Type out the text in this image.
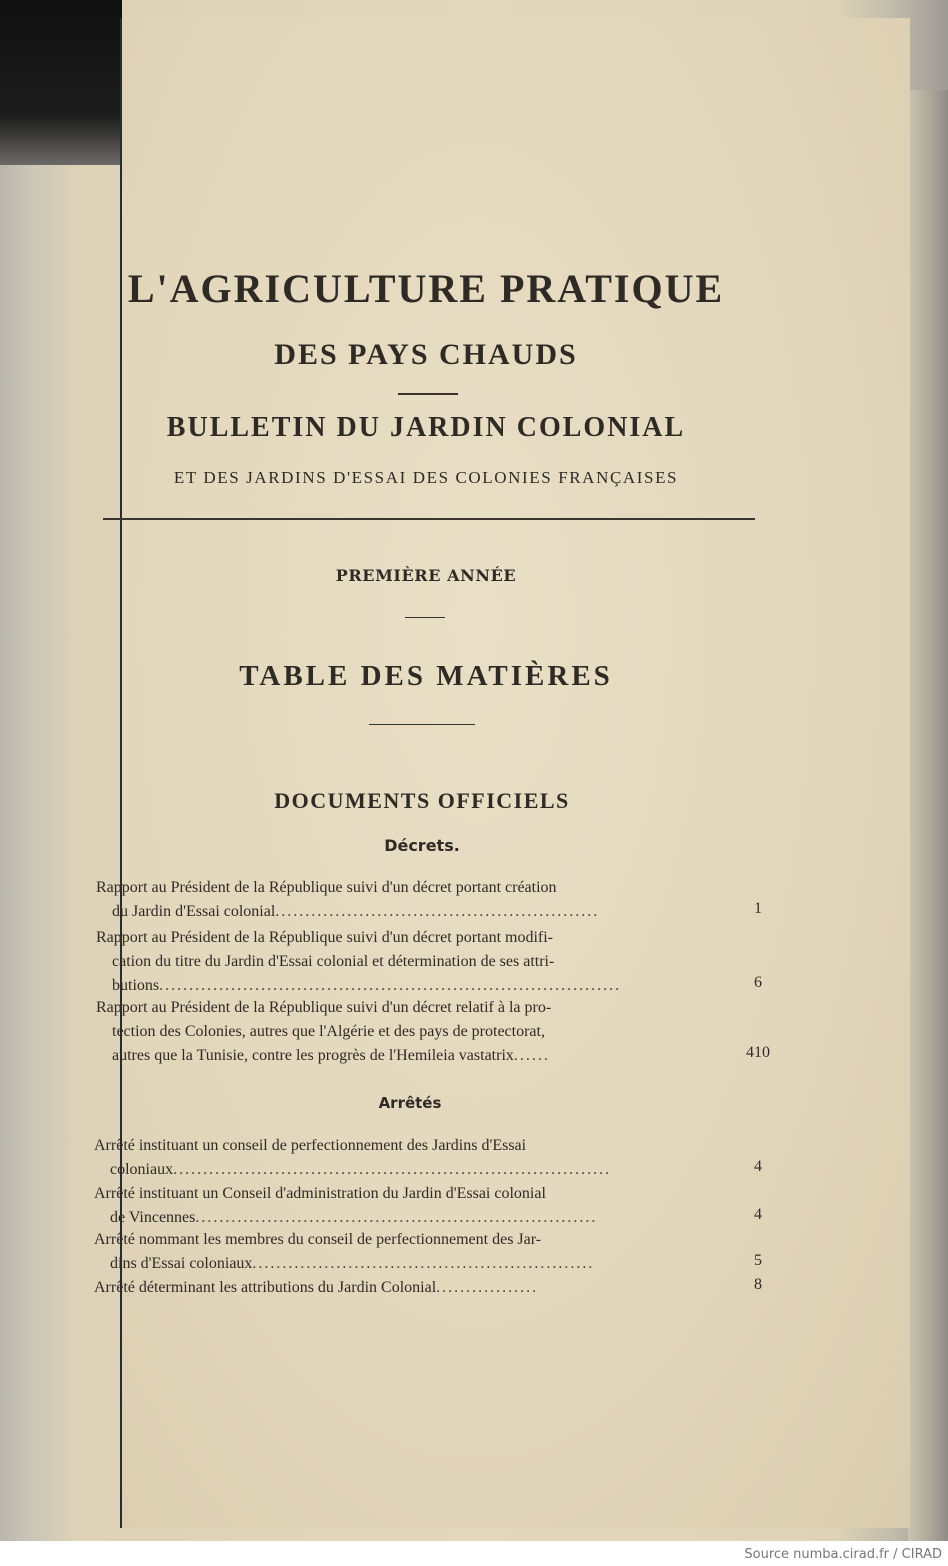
L'AGRICULTURE PRATIQUE
DES PAYS CHAUDS
BULLETIN DU JARDIN COLONIAL
ET DES JARDINS D'ESSAI DES COLONIES FRANÇAISES
PREMIÈRE ANNÉE
TABLE DES MATIÈRES
DOCUMENTS OFFICIELS
Décrets.
Rapport au Président de la République suivi d'un décret portant création
du Jardin d'Essai colonial......................................................	1
Rapport au Président de la République suivi d'un décret portant modifi-
cation du titre du Jardin d'Essai colonial et détermination de ses attri-
butions.............................................................................	6
Rapport au Président de la République suivi d'un décret relatif à la pro-
tection des Colonies, autres que l'Algérie et des pays de protectorat,
autres que la Tunisie, contre les progrès de l'Hemileia vastatrix......	410
Arrêtés
Arrêté instituant un conseil de perfectionnement des Jardins d'Essai
coloniaux.........................................................................	4
Arrêté instituant un Conseil d'administration du Jardin d'Essai colonial
de Vincennes...................................................................	4
Arrêté nommant les membres du conseil de perfectionnement des Jar-
dins d'Essai coloniaux.........................................................	5
Arrêté déterminant les attributions du Jardin Colonial.................	8
Source numba.cirad.fr / CIRAD
